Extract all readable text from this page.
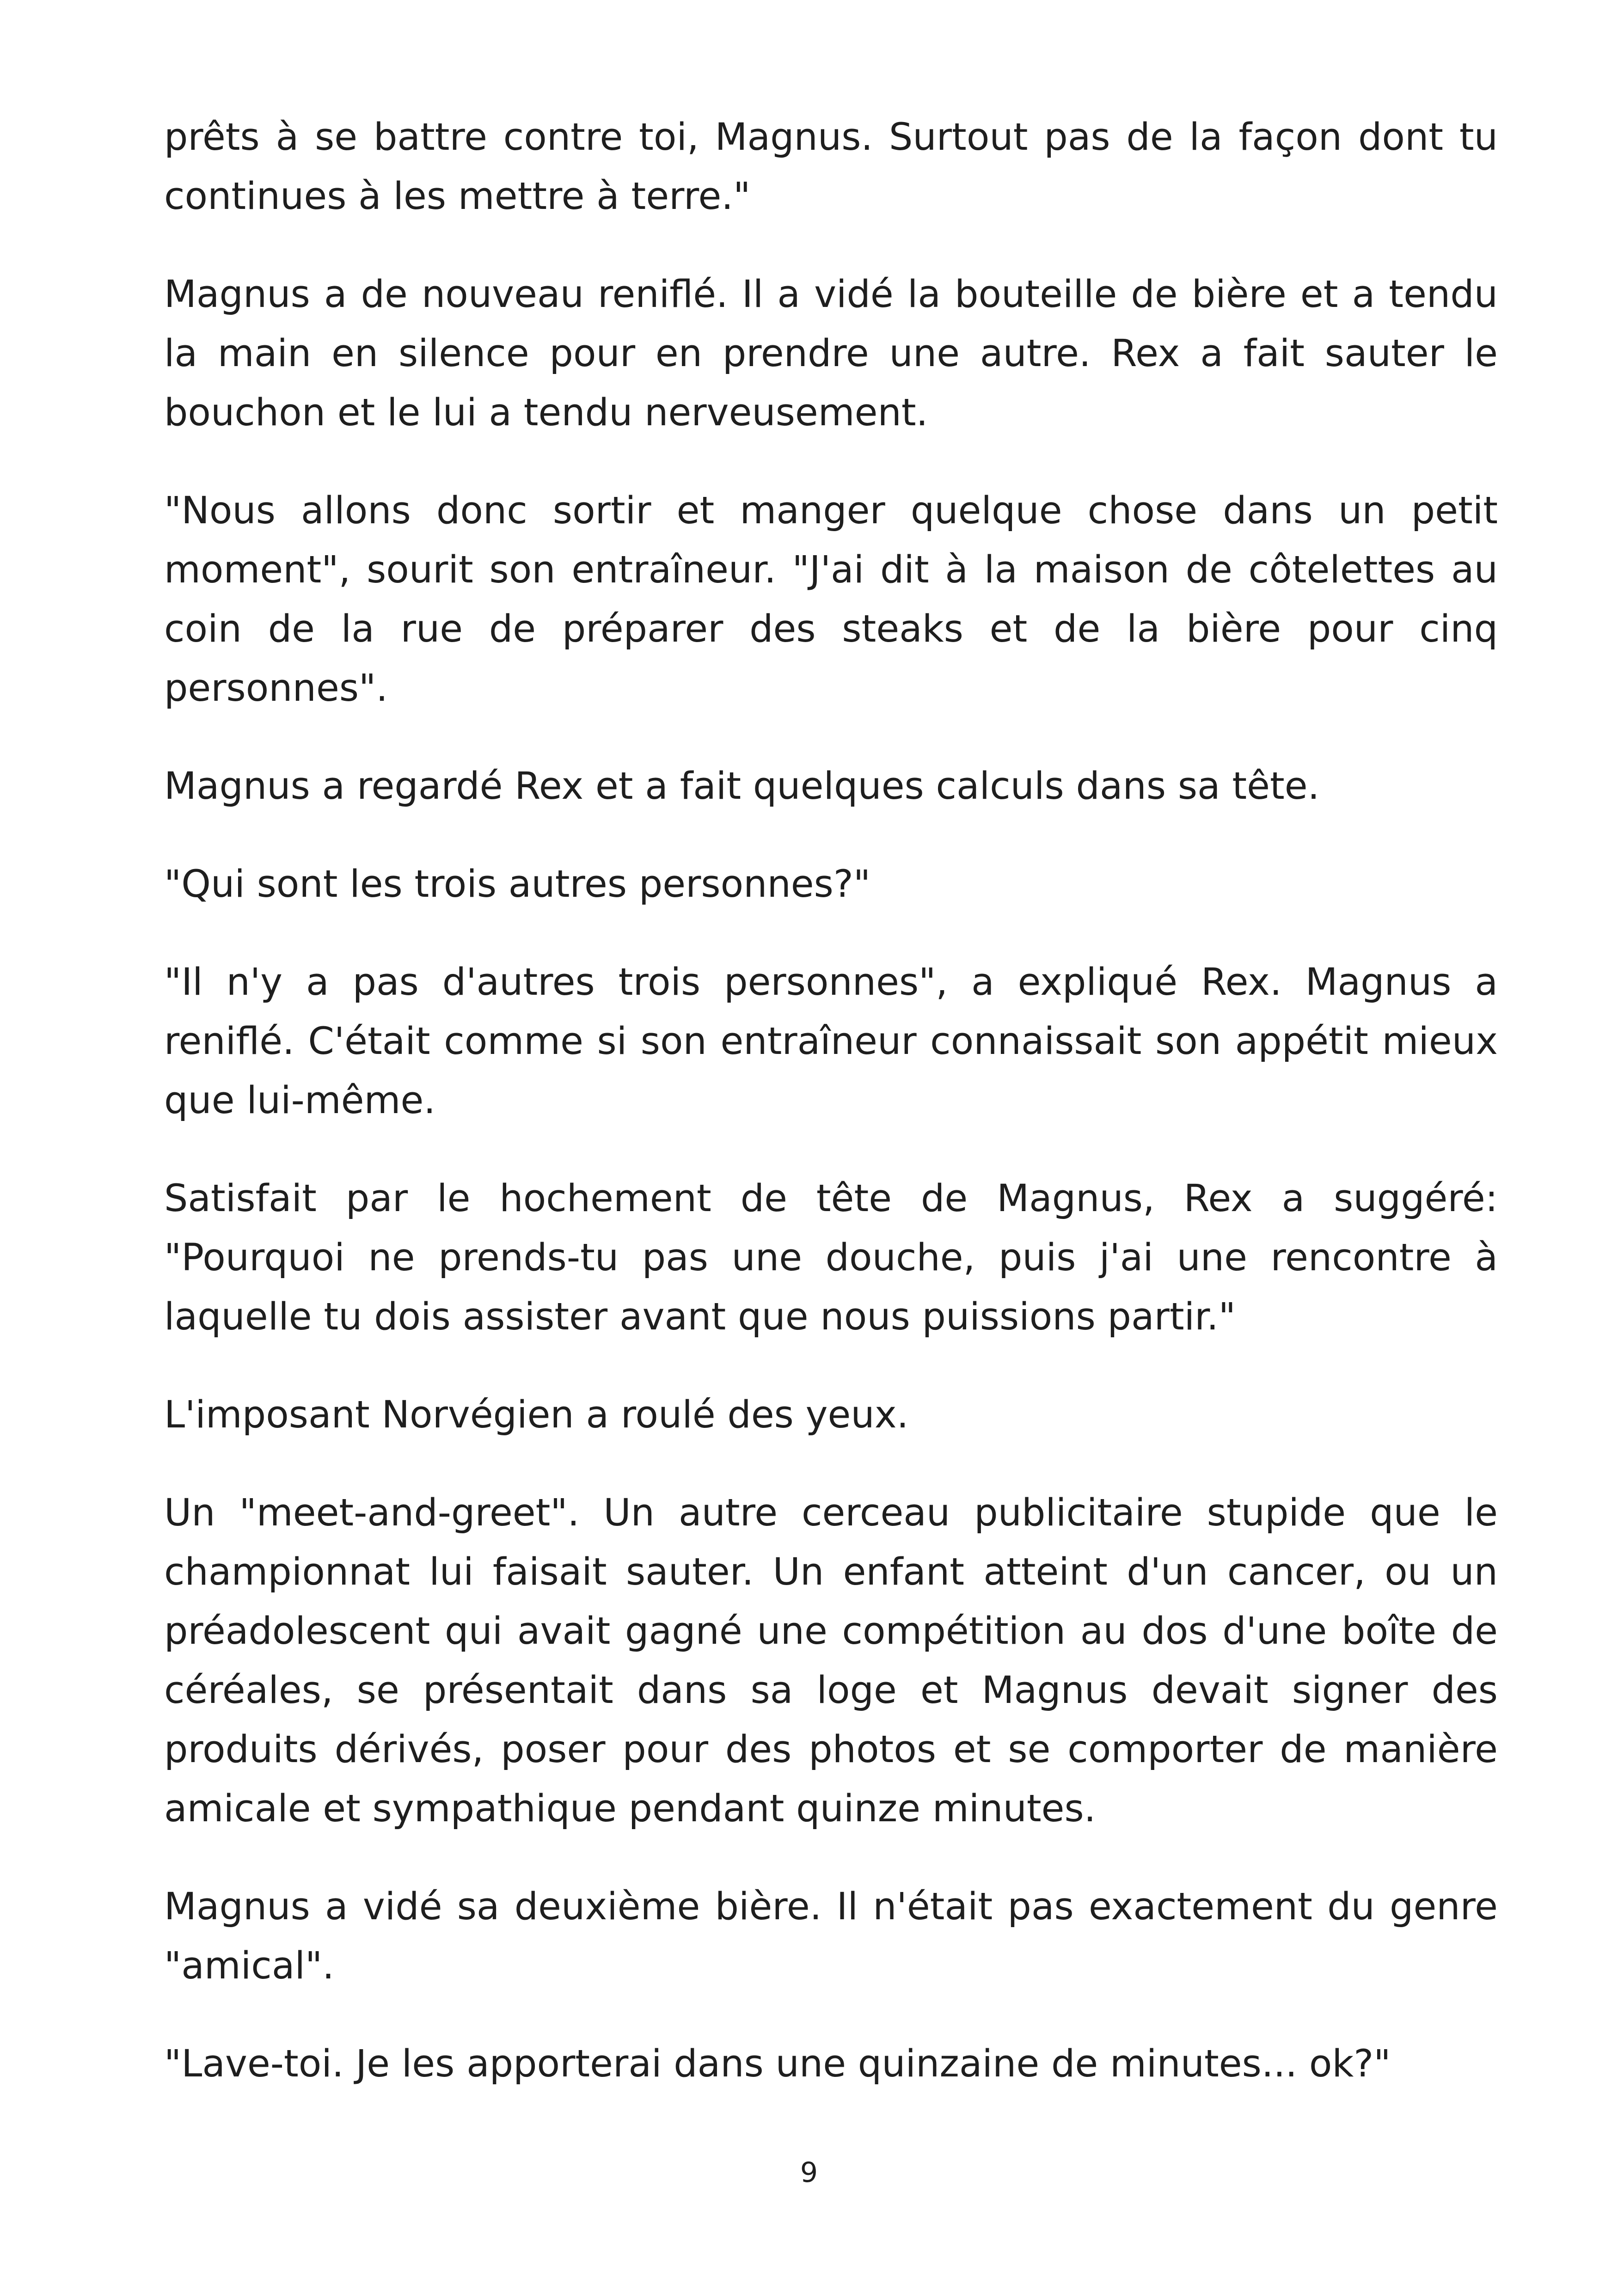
prêts à se battre contre toi, Magnus. Surtout pas de la façon dont tu continues à les mettre à terre."

Magnus a de nouveau reniflé. Il a vidé la bouteille de bière et a tendu la main en silence pour en prendre une autre. Rex a fait sauter le bouchon et le lui a tendu nerveusement.

"Nous allons donc sortir et manger quelque chose dans un petit moment", sourit son entraîneur. "J'ai dit à la maison de côtelettes au coin de la rue de préparer des steaks et de la bière pour cinq personnes".

Magnus a regardé Rex et a fait quelques calculs dans sa tête.

"Qui sont les trois autres personnes?"

"Il n'y a pas d'autres trois personnes", a expliqué Rex. Magnus a reniflé. C'était comme si son entraîneur connaissait son appétit mieux que lui-même.

Satisfait par le hochement de tête de Magnus, Rex a suggéré: "Pourquoi ne prends-tu pas une douche, puis j'ai une rencontre à laquelle tu dois assister avant que nous puissions partir."

L'imposant Norvégien a roulé des yeux.

Un "meet-and-greet". Un autre cerceau publicitaire stupide que le championnat lui faisait sauter. Un enfant atteint d'un cancer, ou un préadolescent qui avait gagné une compétition au dos d'une boîte de céréales, se présentait dans sa loge et Magnus devait signer des produits dérivés, poser pour des photos et se comporter de manière amicale et sympathique pendant quinze minutes.

Magnus a vidé sa deuxième bière. Il n'était pas exactement du genre "amical".

"Lave-toi. Je les apporterai dans une quinzaine de minutes... ok?"

9
